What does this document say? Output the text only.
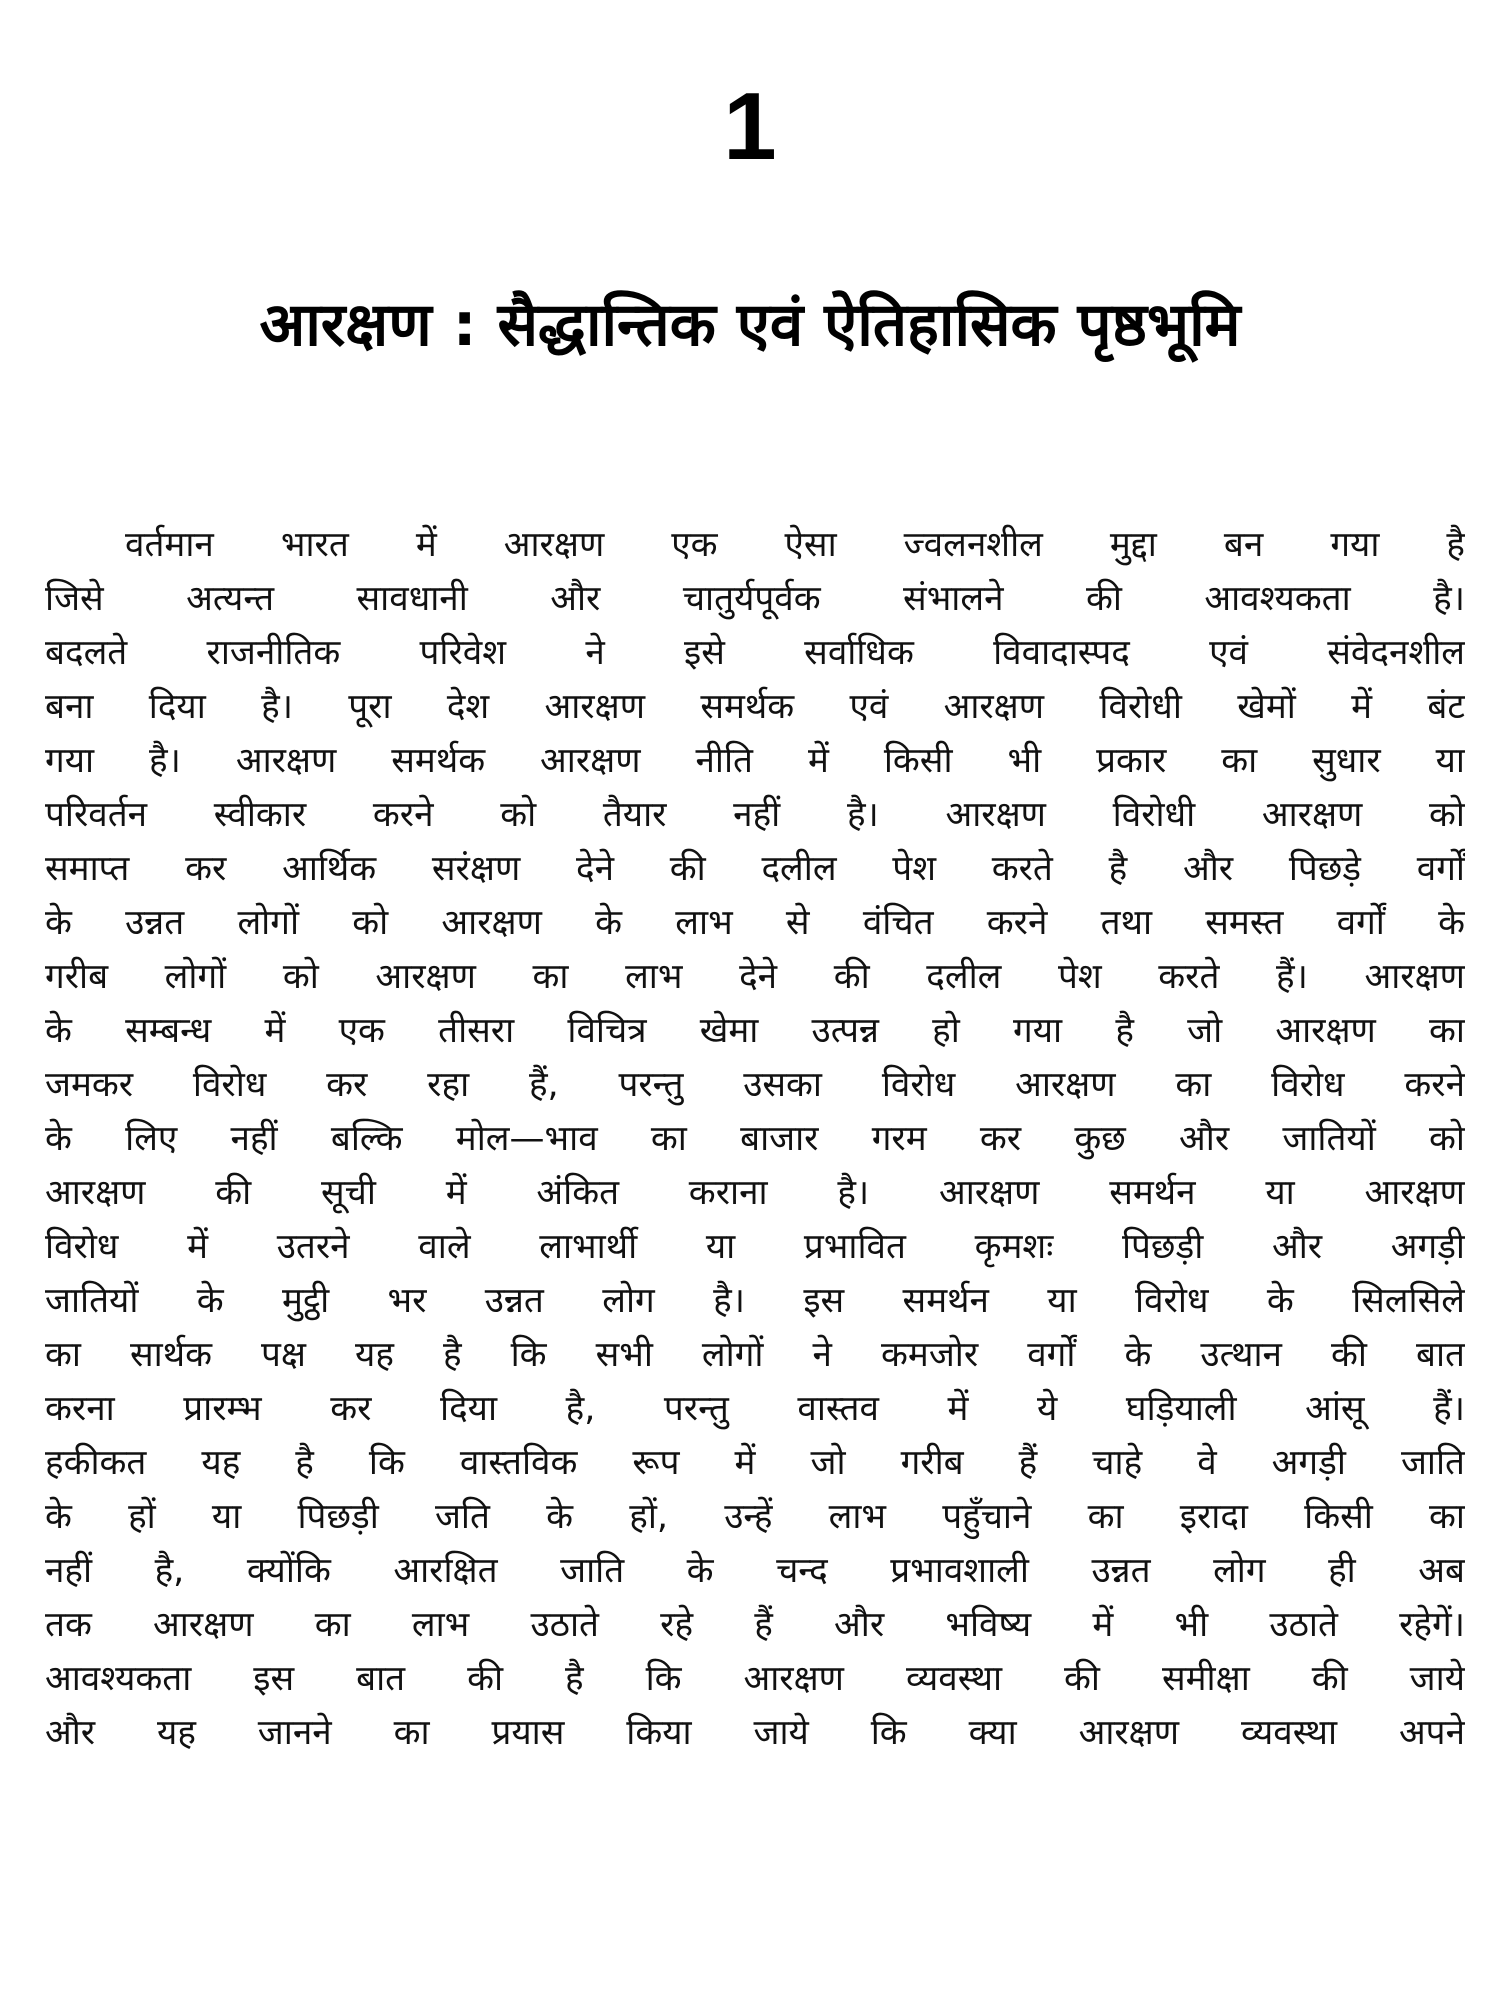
1
आरक्षण : सैद्धान्तिक एवं ऐतिहासिक पृष्ठभूमि
वर्तमान भारत में आरक्षण एक ऐसा ज्वलनशील मुद्दा बन गया है
जिसे अत्यन्त सावधानी और चातुर्यपूर्वक संभालने की आवश्यकता है।
बदलते राजनीतिक परिवेश ने इसे सर्वाधिक विवादास्पद एवं संवेदनशील
बना दिया है। पूरा देश आरक्षण समर्थक एवं आरक्षण विरोधी खेमों में बंट
गया है। आरक्षण समर्थक आरक्षण नीति में किसी भी प्रकार का सुधार या
परिवर्तन स्वीकार करने को तैयार नहीं है। आरक्षण विरोधी आरक्षण को
समाप्त कर आर्थिक सरंक्षण देने की दलील पेश करते है और पिछड़े वर्गों
के उन्नत लोगों को आरक्षण के लाभ से वंचित करने तथा समस्त वर्गों के
गरीब लोगों को आरक्षण का लाभ देने की दलील पेश करते हैं। आरक्षण
के सम्बन्ध में एक तीसरा विचित्र खेमा उत्पन्न हो गया है जो आरक्षण का
जमकर विरोध कर रहा हैं, परन्तु उसका विरोध आरक्षण का विरोध करने
के लिए नहीं बल्कि मोल—भाव का बाजार गरम कर कुछ और जातियों को
आरक्षण की सूची में अंकित कराना है। आरक्षण समर्थन या आरक्षण
विरोध में उतरने वाले लाभार्थी या प्रभावित कृमशः पिछड़ी और अगड़ी
जातियों के मुट्ठी भर उन्नत लोग है। इस समर्थन या विरोध के सिलसिले
का सार्थक पक्ष यह है कि सभी लोगों ने कमजोर वर्गों के उत्थान की बात
करना प्रारम्भ कर दिया है, परन्तु वास्तव में ये घड़ियाली आंसू हैं।
हकीकत यह है कि वास्तविक रूप में जो गरीब हैं चाहे वे अगड़ी जाति
के हों या पिछड़ी जति के हों, उन्हें लाभ पहुँचाने का इरादा किसी का
नहीं है, क्योंकि आरक्षित जाति के चन्द प्रभावशाली उन्नत लोग ही अब
तक आरक्षण का लाभ उठाते रहे हैं और भविष्य में भी उठाते रहेगें।
आवश्यकता इस बात की है कि आरक्षण व्यवस्था की समीक्षा की जाये
और यह जानने का प्रयास किया जाये कि क्या आरक्षण व्यवस्था अपने
